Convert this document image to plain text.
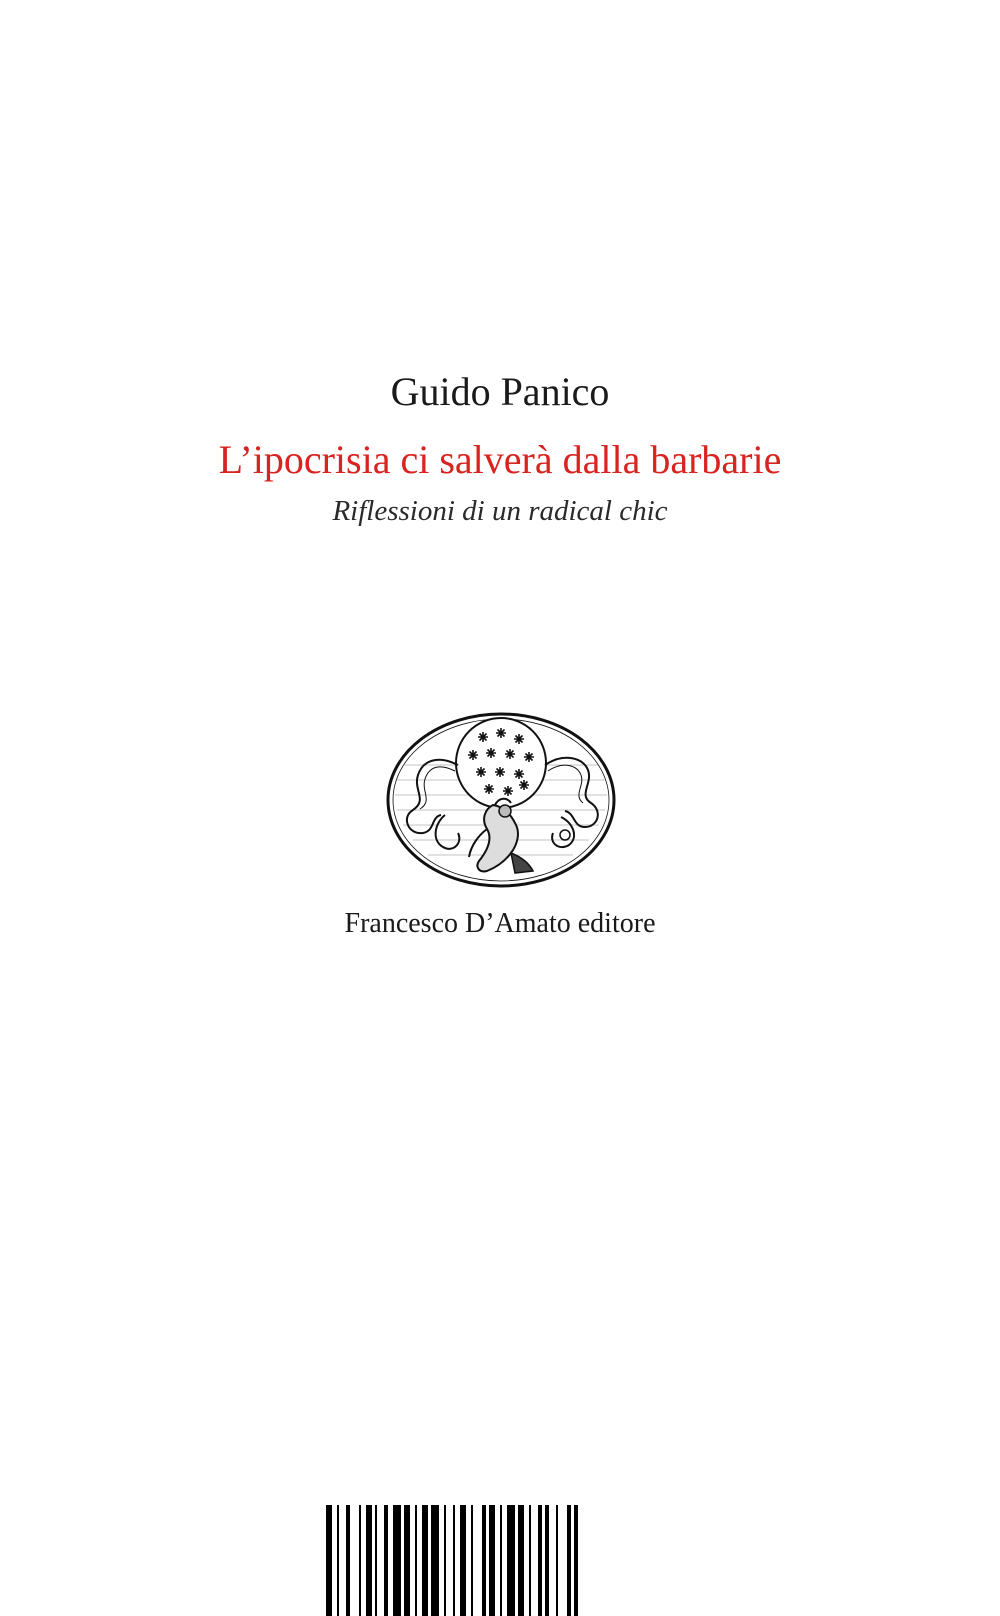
Guido Panico
L’ipocrisia ci salverà dalla barbarie
Riflessioni di un radical chic
Francesco D’Amato editore
